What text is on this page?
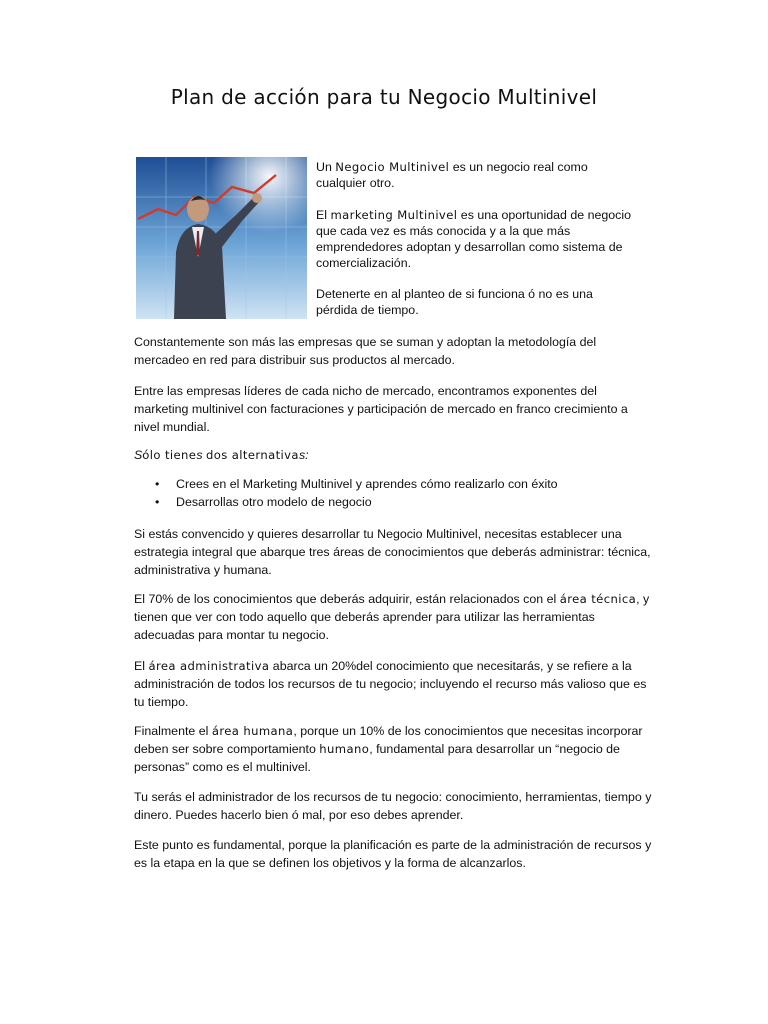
Plan de acción para tu Negocio Multinivel

Un Negocio Multinivel es un negocio real como cualquier otro.

El marketing Multinivel es una oportunidad de negocio que cada vez es más conocida y a la que más emprendedores adoptan y desarrollan como sistema de comercialización.

Detenerte en al planteo de si funciona ó no es una pérdida de tiempo.

Constantemente son más las empresas que se suman y adoptan la metodología del mercadeo en red para distribuir sus productos al mercado.

Entre las empresas líderes de cada nicho de mercado, encontramos exponentes del marketing multinivel con facturaciones y participación de mercado en franco crecimiento a nivel mundial.

Sólo tienes dos alternativas:

• Crees en el Marketing Multinivel y aprendes cómo realizarlo con éxito
• Desarrollas otro modelo de negocio

Si estás convencido y quieres desarrollar tu Negocio Multinivel, necesitas establecer una estrategia integral que abarque tres áreas de conocimientos que deberás administrar: técnica, administrativa y humana.

El 70% de los conocimientos que deberás adquirir, están relacionados con el área técnica, y tienen que ver con todo aquello que deberás aprender para utilizar las herramientas adecuadas para montar tu negocio.

El área administrativa abarca un 20%del conocimiento que necesitarás, y se refiere a la administración de todos los recursos de tu negocio; incluyendo el recurso más valioso que es tu tiempo.

Finalmente el área humana, porque un 10% de los conocimientos que necesitas incorporar deben ser sobre comportamiento humano, fundamental para desarrollar un “negocio de personas” como es el multinivel.

Tu serás el administrador de los recursos de tu negocio: conocimiento, herramientas, tiempo y dinero. Puedes hacerlo bien ó mal, por eso debes aprender.

Este punto es fundamental, porque la planificación es parte de la administración de recursos y es la etapa en la que se definen los objetivos y la forma de alcanzarlos.
